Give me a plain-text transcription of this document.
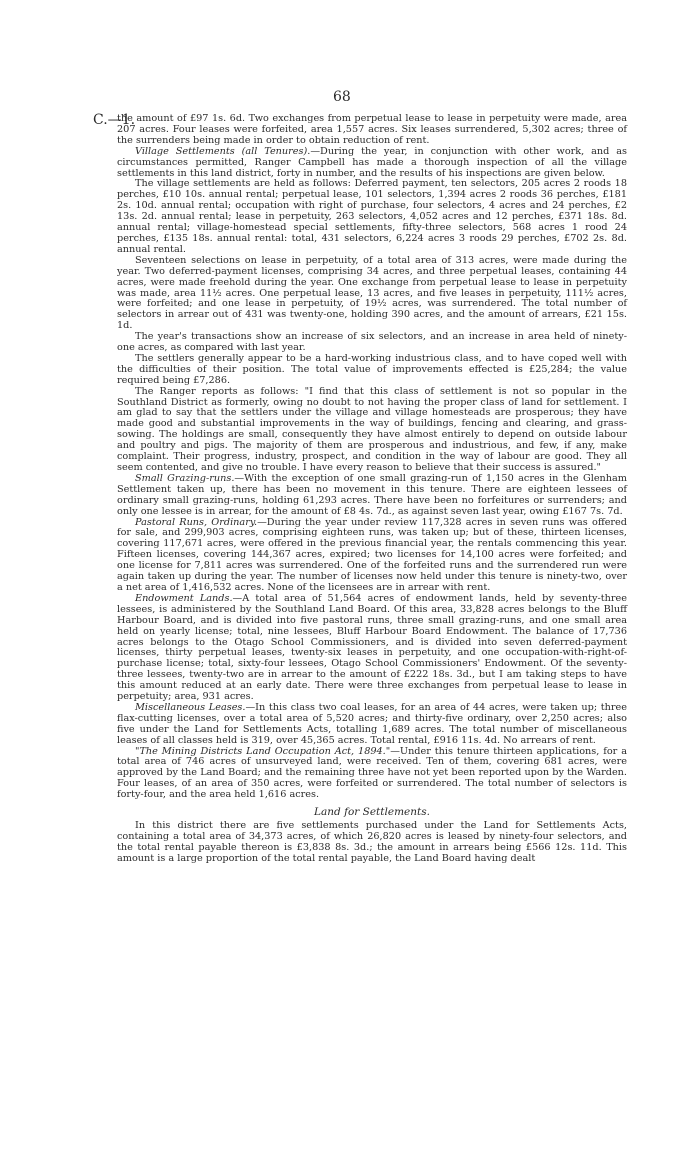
C.—1.
68

the amount of £97 1s. 6d. Two exchanges from perpetual lease to lease in perpetuity were made, area 207 acres. Four leases were forfeited, area 1,557 acres. Six leases surrendered, 5,302 acres; three of the surrenders being made in order to obtain reduction of rent.

Village Settlements (all Tenures).—During the year, in conjunction with other work, and as circumstances permitted, Ranger Campbell has made a thorough inspection of all the village settlements in this land district, forty in number, and the results of his inspections are given below.

The village settlements are held as follows: Deferred payment, ten selectors, 205 acres 2 roods 18 perches, £10 10s. annual rental; perpetual lease, 101 selectors, 1,394 acres 2 roods 36 perches, £181 2s. 10d. annual rental; occupation with right of purchase, four selectors, 4 acres and 24 perches, £2 13s. 2d. annual rental; lease in perpetuity, 263 selectors, 4,052 acres and 12 perches, £371 18s. 8d. annual rental; village-homestead special settlements, fifty-three selectors, 568 acres 1 rood 24 perches, £135 18s. annual rental: total, 431 selectors, 6,224 acres 3 roods 29 perches, £702 2s. 8d. annual rental.

Seventeen selections on lease in perpetuity, of a total area of 313 acres, were made during the year. Two deferred-payment licenses, comprising 34 acres, and three perpetual leases, containing 44 acres, were made freehold during the year. One exchange from perpetual lease to lease in perpetuity was made, area 11½ acres. One perpetual lease, 13 acres, and five leases in perpetuity, 111½ acres, were forfeited; and one lease in perpetuity, of 19½ acres, was surrendered. The total number of selectors in arrear out of 431 was twenty-one, holding 390 acres, and the amount of arrears, £21 15s. 1d.

The year's transactions show an increase of six selectors, and an increase in area held of ninety-one acres, as compared with last year.

The settlers generally appear to be a hard-working industrious class, and to have coped well with the difficulties of their position. The total value of improvements effected is £25,284; the value required being £7,286.

The Ranger reports as follows: "I find that this class of settlement is not so popular in the Southland District as formerly, owing no doubt to not having the proper class of land for settlement. I am glad to say that the settlers under the village and village homesteads are prosperous; they have made good and substantial improvements in the way of buildings, fencing and clearing, and grass-sowing. The holdings are small, consequently they have almost entirely to depend on outside labour and poultry and pigs. The majority of them are prosperous and industrious, and few, if any, make complaint. Their progress, industry, prospect, and condition in the way of labour are good. They all seem contented, and give no trouble. I have every reason to believe that their success is assured."

Small Grazing-runs.—With the exception of one small grazing-run of 1,150 acres in the Glenham Settlement taken up, there has been no movement in this tenure. There are eighteen lessees of ordinary small grazing-runs, holding 61,293 acres. There have been no forfeitures or surrenders; and only one lessee is in arrear, for the amount of £8 4s. 7d., as against seven last year, owing £167 7s. 7d.

Pastoral Runs, Ordinary.—During the year under review 117,328 acres in seven runs was offered for sale, and 299,903 acres, comprising eighteen runs, was taken up; but of these, thirteen licenses, covering 117,671 acres, were offered in the previous financial year, the rentals commencing this year. Fifteen licenses, covering 144,367 acres, expired; two licenses for 14,100 acres were forfeited; and one license for 7,811 acres was surrendered. One of the forfeited runs and the surrendered run were again taken up during the year. The number of licenses now held under this tenure is ninety-two, over a net area of 1,416,532 acres. None of the licensees are in arrear with rent.

Endowment Lands.—A total area of 51,564 acres of endowment lands, held by seventy-three lessees, is administered by the Southland Land Board. Of this area, 33,828 acres belongs to the Bluff Harbour Board, and is divided into five pastoral runs, three small grazing-runs, and one small area held on yearly license; total, nine lessees, Bluff Harbour Board Endowment. The balance of 17,736 acres belongs to the Otago School Commissioners, and is divided into seven deferred-payment licenses, thirty perpetual leases, twenty-six leases in perpetuity, and one occupation-with-right-of-purchase license; total, sixty-four lessees, Otago School Commissioners' Endowment. Of the seventy-three lessees, twenty-two are in arrear to the amount of £222 18s. 3d., but I am taking steps to have this amount reduced at an early date. There were three exchanges from perpetual lease to lease in perpetuity; area, 931 acres.

Miscellaneous Leases.—In this class two coal leases, for an area of 44 acres, were taken up; three flax-cutting licenses, over a total area of 5,520 acres; and thirty-five ordinary, over 2,250 acres; also five under the Land for Settlements Acts, totalling 1,689 acres. The total number of miscellaneous leases of all classes held is 319, over 45,365 acres. Total rental, £916 11s. 4d. No arrears of rent.

"The Mining Districts Land Occupation Act, 1894."—Under this tenure thirteen applications, for a total area of 746 acres of unsurveyed land, were received. Ten of them, covering 681 acres, were approved by the Land Board; and the remaining three have not yet been reported upon by the Warden. Four leases, of an area of 350 acres, were forfeited or surrendered. The total number of selectors is forty-four, and the area held 1,616 acres.

Land for Settlements.

In this district there are five settlements purchased under the Land for Settlements Acts, containing a total area of 34,373 acres, of which 26,820 acres is leased by ninety-four selectors, and the total rental payable thereon is £3,838 8s. 3d.; the amount in arrears being £566 12s. 11d. This amount is a large proportion of the total rental payable, the Land Board having dealt
